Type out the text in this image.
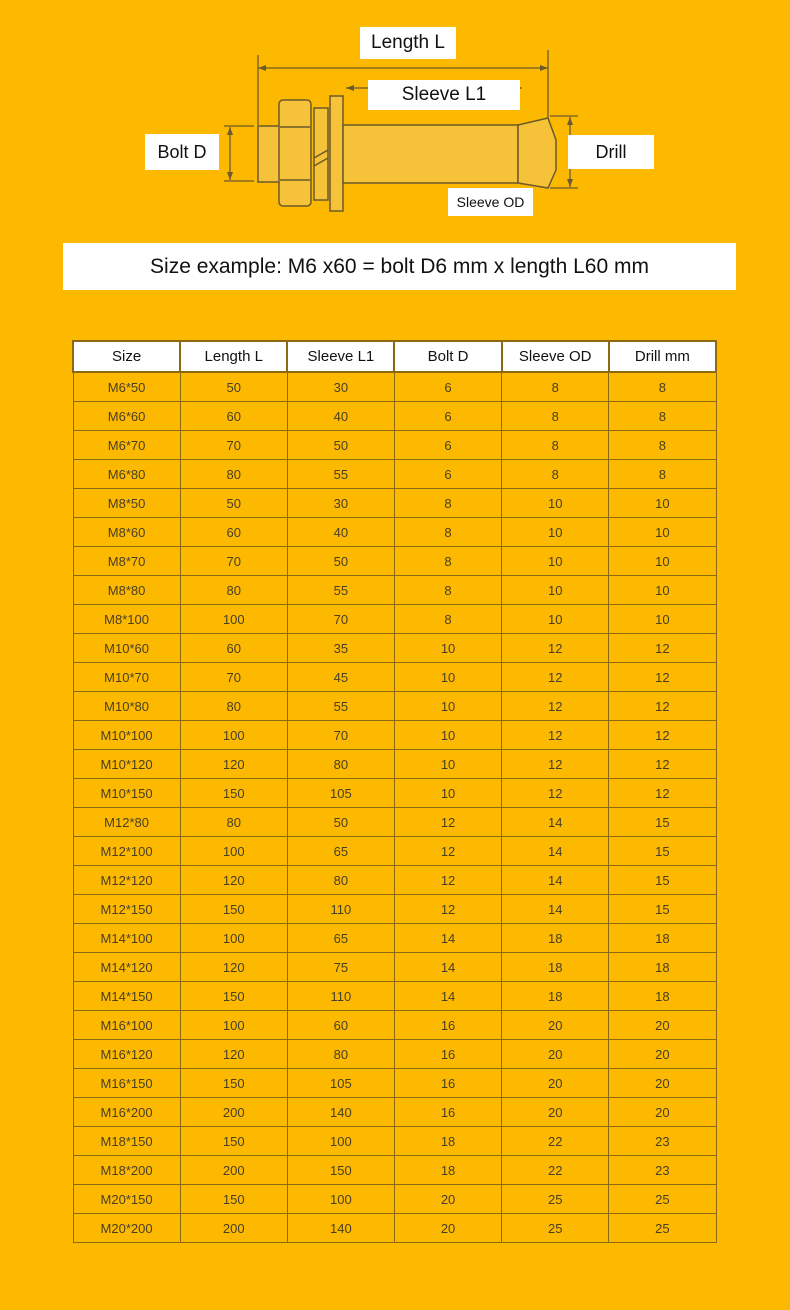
Length L
Sleeve L1
Bolt D	Drill
Sleeve OD
Size example: M6 x60 = bolt D6 mm x length L60 mm
Size	Length L	Sleeve L1	Bolt D	Sleeve OD	Drill mm
M6*50	50	30	6	8	8
M6*60	60	40	6	8	8
M6*70	70	50	6	8	8
M6*80	80	55	6	8	8
M8*50	50	30	8	10	10
M8*60	60	40	8	10	10
M8*70	70	50	8	10	10
M8*80	80	55	8	10	10
M8*100	100	70	8	10	10
M10*60	60	35	10	12	12
M10*70	70	45	10	12	12
M10*80	80	55	10	12	12
M10*100	100	70	10	12	12
M10*120	120	80	10	12	12
M10*150	150	105	10	12	12
M12*80	80	50	12	14	15
M12*100	100	65	12	14	15
M12*120	120	80	12	14	15
M12*150	150	110	12	14	15
M14*100	100	65	14	18	18
M14*120	120	75	14	18	18
M14*150	150	110	14	18	18
M16*100	100	60	16	20	20
M16*120	120	80	16	20	20
M16*150	150	105	16	20	20
M16*200	200	140	16	20	20
M18*150	150	100	18	22	23
M18*200	200	150	18	22	23
M20*150	150	100	20	25	25
M20*200	200	140	20	25	25
